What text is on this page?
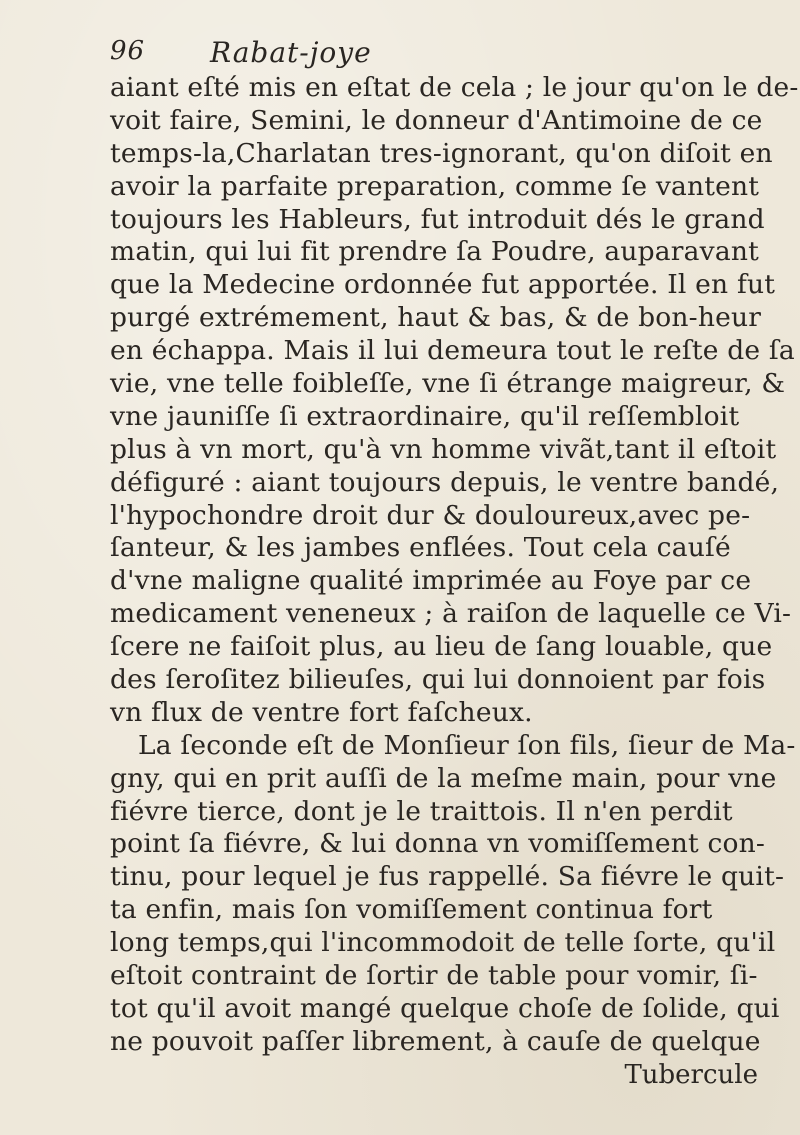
96 Rabat-joye
aiant eſté mis en eſtat de cela ; le jour qu'on le de-
voit faire, Semini, le donneur d'Antimoine de ce
temps-la,Charlatan tres-ignorant, qu'on diſoit en
avoir la parfaite preparation, comme ſe vantent
toujours les Hableurs, fut introduit dés le grand
matin, qui lui fit prendre ſa Poudre, auparavant
que la Medecine ordonnée fut apportée. Il en fut
purgé extrémement, haut & bas, & de bon-heur
en échappa. Mais il lui demeura tout le reſte de ſa
vie, vne telle foibleſſe, vne ſi étrange maigreur, &
vne jauniſſe ſi extraordinaire, qu'il reſſembloit
plus à vn mort, qu'à vn homme vivãt,tant il eſtoit
défiguré : aiant toujours depuis, le ventre bandé,
l'hypochondre droit dur & douloureux,avec pe-
ſanteur, & les jambes enflées. Tout cela cauſé
d'vne maligne qualité imprimée au Foye par ce
medicament veneneux ; à raiſon de laquelle ce Vi-
ſcere ne faiſoit plus, au lieu de ſang louable, que
des ſeroſitez bilieuſes, qui lui donnoient par fois
vn flux de ventre fort faſcheux.
La ſeconde eſt de Monſieur ſon fils, ſieur de Ma-
gny, qui en prit auſſi de la meſme main, pour vne
fiévre tierce, dont je le traittois. Il n'en perdit
point ſa fiévre, & lui donna vn vomiſſement con-
tinu, pour lequel je fus rappellé. Sa fiévre le quit-
ta enfin, mais ſon vomiſſement continua fort
long temps,qui l'incommodoit de telle ſorte, qu'il
eſtoit contraint de ſortir de table pour vomir, ſi-
tot qu'il avoit mangé quelque choſe de ſolide, qui
ne pouvoit paſſer librement, à cauſe de quelque
Tubercule
